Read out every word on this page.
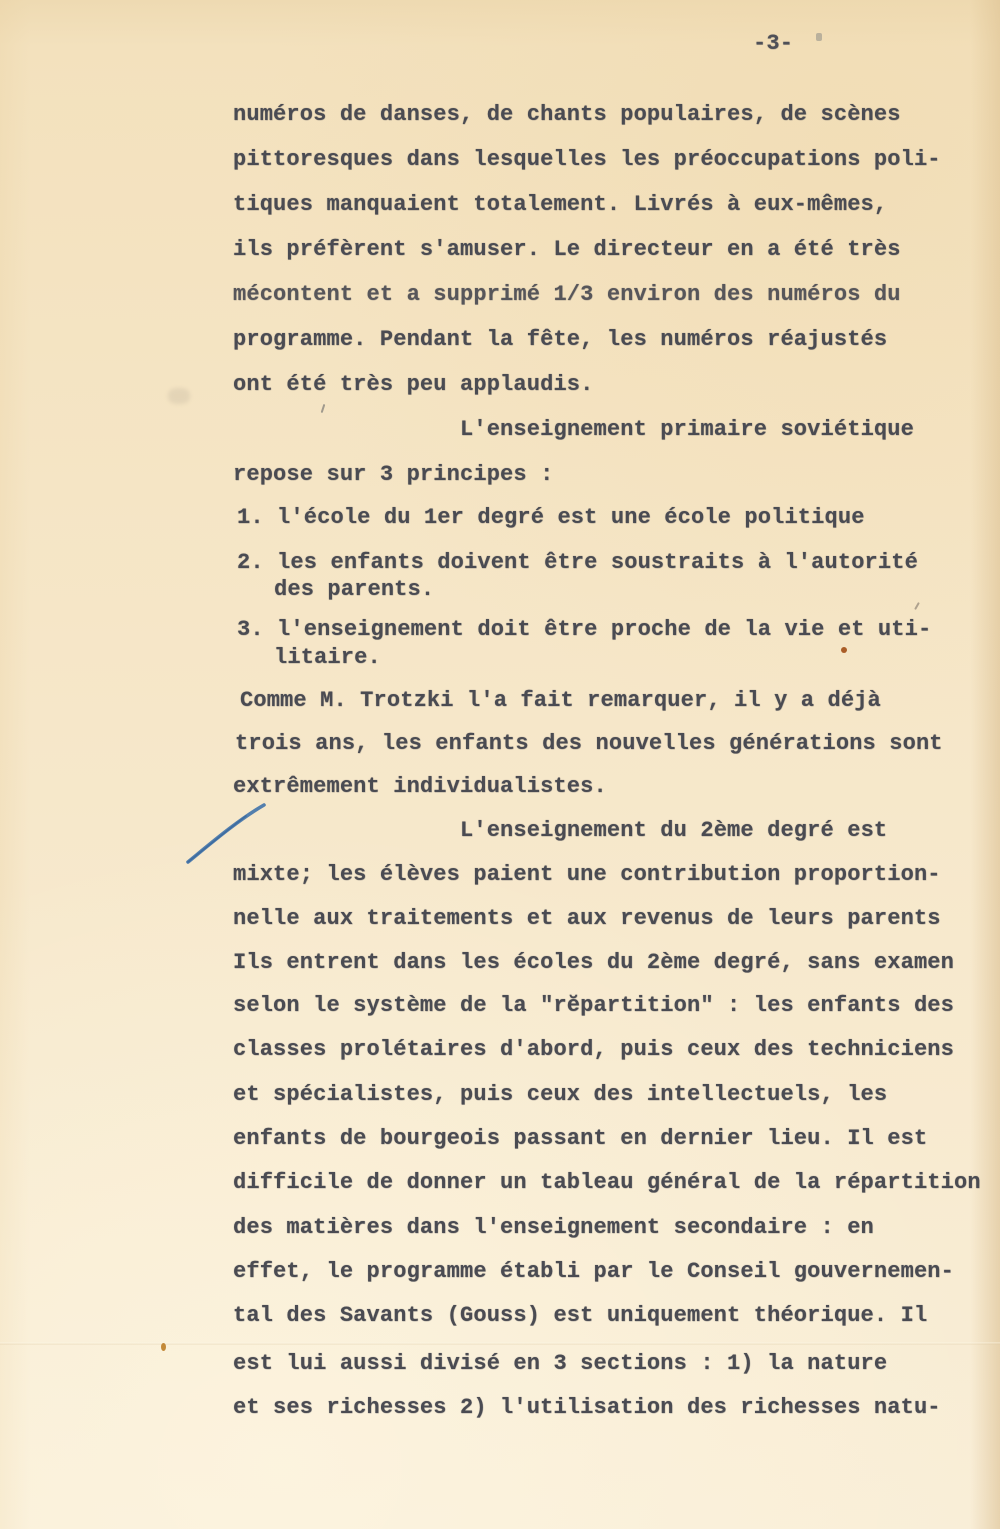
-3-
numéros de danses, de chants populaires, de scènes
pittoresques dans lesquelles les préoccupations poli-
tiques manquaient totalement. Livrés à eux-mêmes,
ils préfèrent s'amuser. Le directeur en a été très
mécontent et a supprimé 1/3 environ des numéros du
programme. Pendant la fête, les numéros réajustés
ont été très peu applaudis.
L'enseignement primaire soviétique
repose sur 3 principes :
1. l'école du 1er degré est une école politique
2. les enfants doivent être soustraits à l'autorité
des parents.
3. l'enseignement doit être proche de la vie et uti-
litaire.
Comme M. Trotzki l'a fait remarquer, il y a déjà
trois ans, les enfants des nouvelles générations sont
extrêmement individualistes.
L'enseignement du 2ème degré est
mixte; les élèves paient une contribution proportion-
nelle aux traitements et aux revenus de leurs parents
Ils entrent dans les écoles du 2ème degré, sans examen
selon le système de la "rĕpartition" : les enfants des
classes prolétaires d'abord, puis ceux des techniciens
et spécialistes, puis ceux des intellectuels, les
enfants de bourgeois passant en dernier lieu. Il est
difficile de donner un tableau général de la répartition
des matières dans l'enseignement secondaire : en
effet, le programme établi par le Conseil gouvernemen-
tal des Savants (Gouss) est uniquement théorique. Il
est lui aussi divisé en 3 sections : 1) la nature
et ses richesses 2) l'utilisation des richesses natu-
